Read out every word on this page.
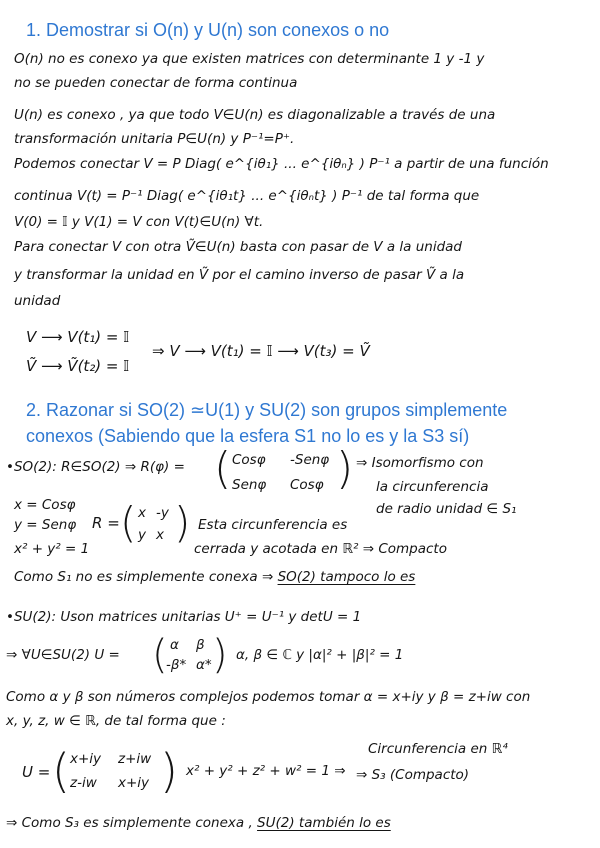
1. Demostrar si O(n) y U(n) son conexos o no
O(n) no es conexo ya que existen matrices con determinante 1 y -1 y
no se pueden conectar de forma continua
U(n) es conexo , ya que todo V∈U(n) es diagonalizable a través de una
transformación unitaria P∈U(n) y P⁻¹=P⁺.
Podemos conectar V = P Diag( e^{iθ₁} ... e^{iθₙ} ) P⁻¹ a partir de una función
continua V(t) = P⁻¹ Diag( e^{iθ₁t} ... e^{iθₙt} ) P⁻¹ de tal forma que
V(0) = 𝕀 y V(1) = V con V(t)∈U(n) ∀t.
Para conectar V con otra Ṽ∈U(n) basta con pasar de V a la unidad
y transformar la unidad en Ṽ por el camino inverso de pasar Ṽ a la
unidad
V ⟶ V(t₁) = 𝕀
Ṽ ⟶ Ṽ(t₂) = 𝕀
⇒ V ⟶ V(t₁) = 𝕀 ⟶ V(t₃) = Ṽ
2. Razonar si SO(2) ≃U(1) y SU(2) son grupos simplemente
conexos (Sabiendo que la esfera S1 no lo es y la S3 sí)
•SO(2): R∈SO(2) ⇒ R(φ) = ( Cosφ -Senφ
Senφ Cosφ ) ⇒ Isomorfismo con
la circunferencia
de radio unidad ∈ S₁
x = Cosφ
y = Senφ
x² + y² = 1
R = ( x -y
y x ) Esta circunferencia es
cerrada y acotada en ℝ² ⇒ Compacto
Como S₁ no es simplemente conexa ⇒ SO(2) tampoco lo es
•SU(2): Uson matrices unitarias U⁺ = U⁻¹ y detU = 1
⇒ ∀U∈SU(2) U = ( α β
-β* α* ) α, β ∈ ℂ y |α|² + |β|² = 1
Como α y β son números complejos podemos tomar α = x+iy y β = z+iw con
x, y, z, w ∈ ℝ, de tal forma que :
U = ( x+iy z+iw
z-iw x+iy ) x² + y² + z² + w² = 1 ⇒
Circunferencia en ℝ⁴
⇒ S₃ (Compacto)
⇒ Como S₃ es simplemente conexa , SU(2) también lo es
